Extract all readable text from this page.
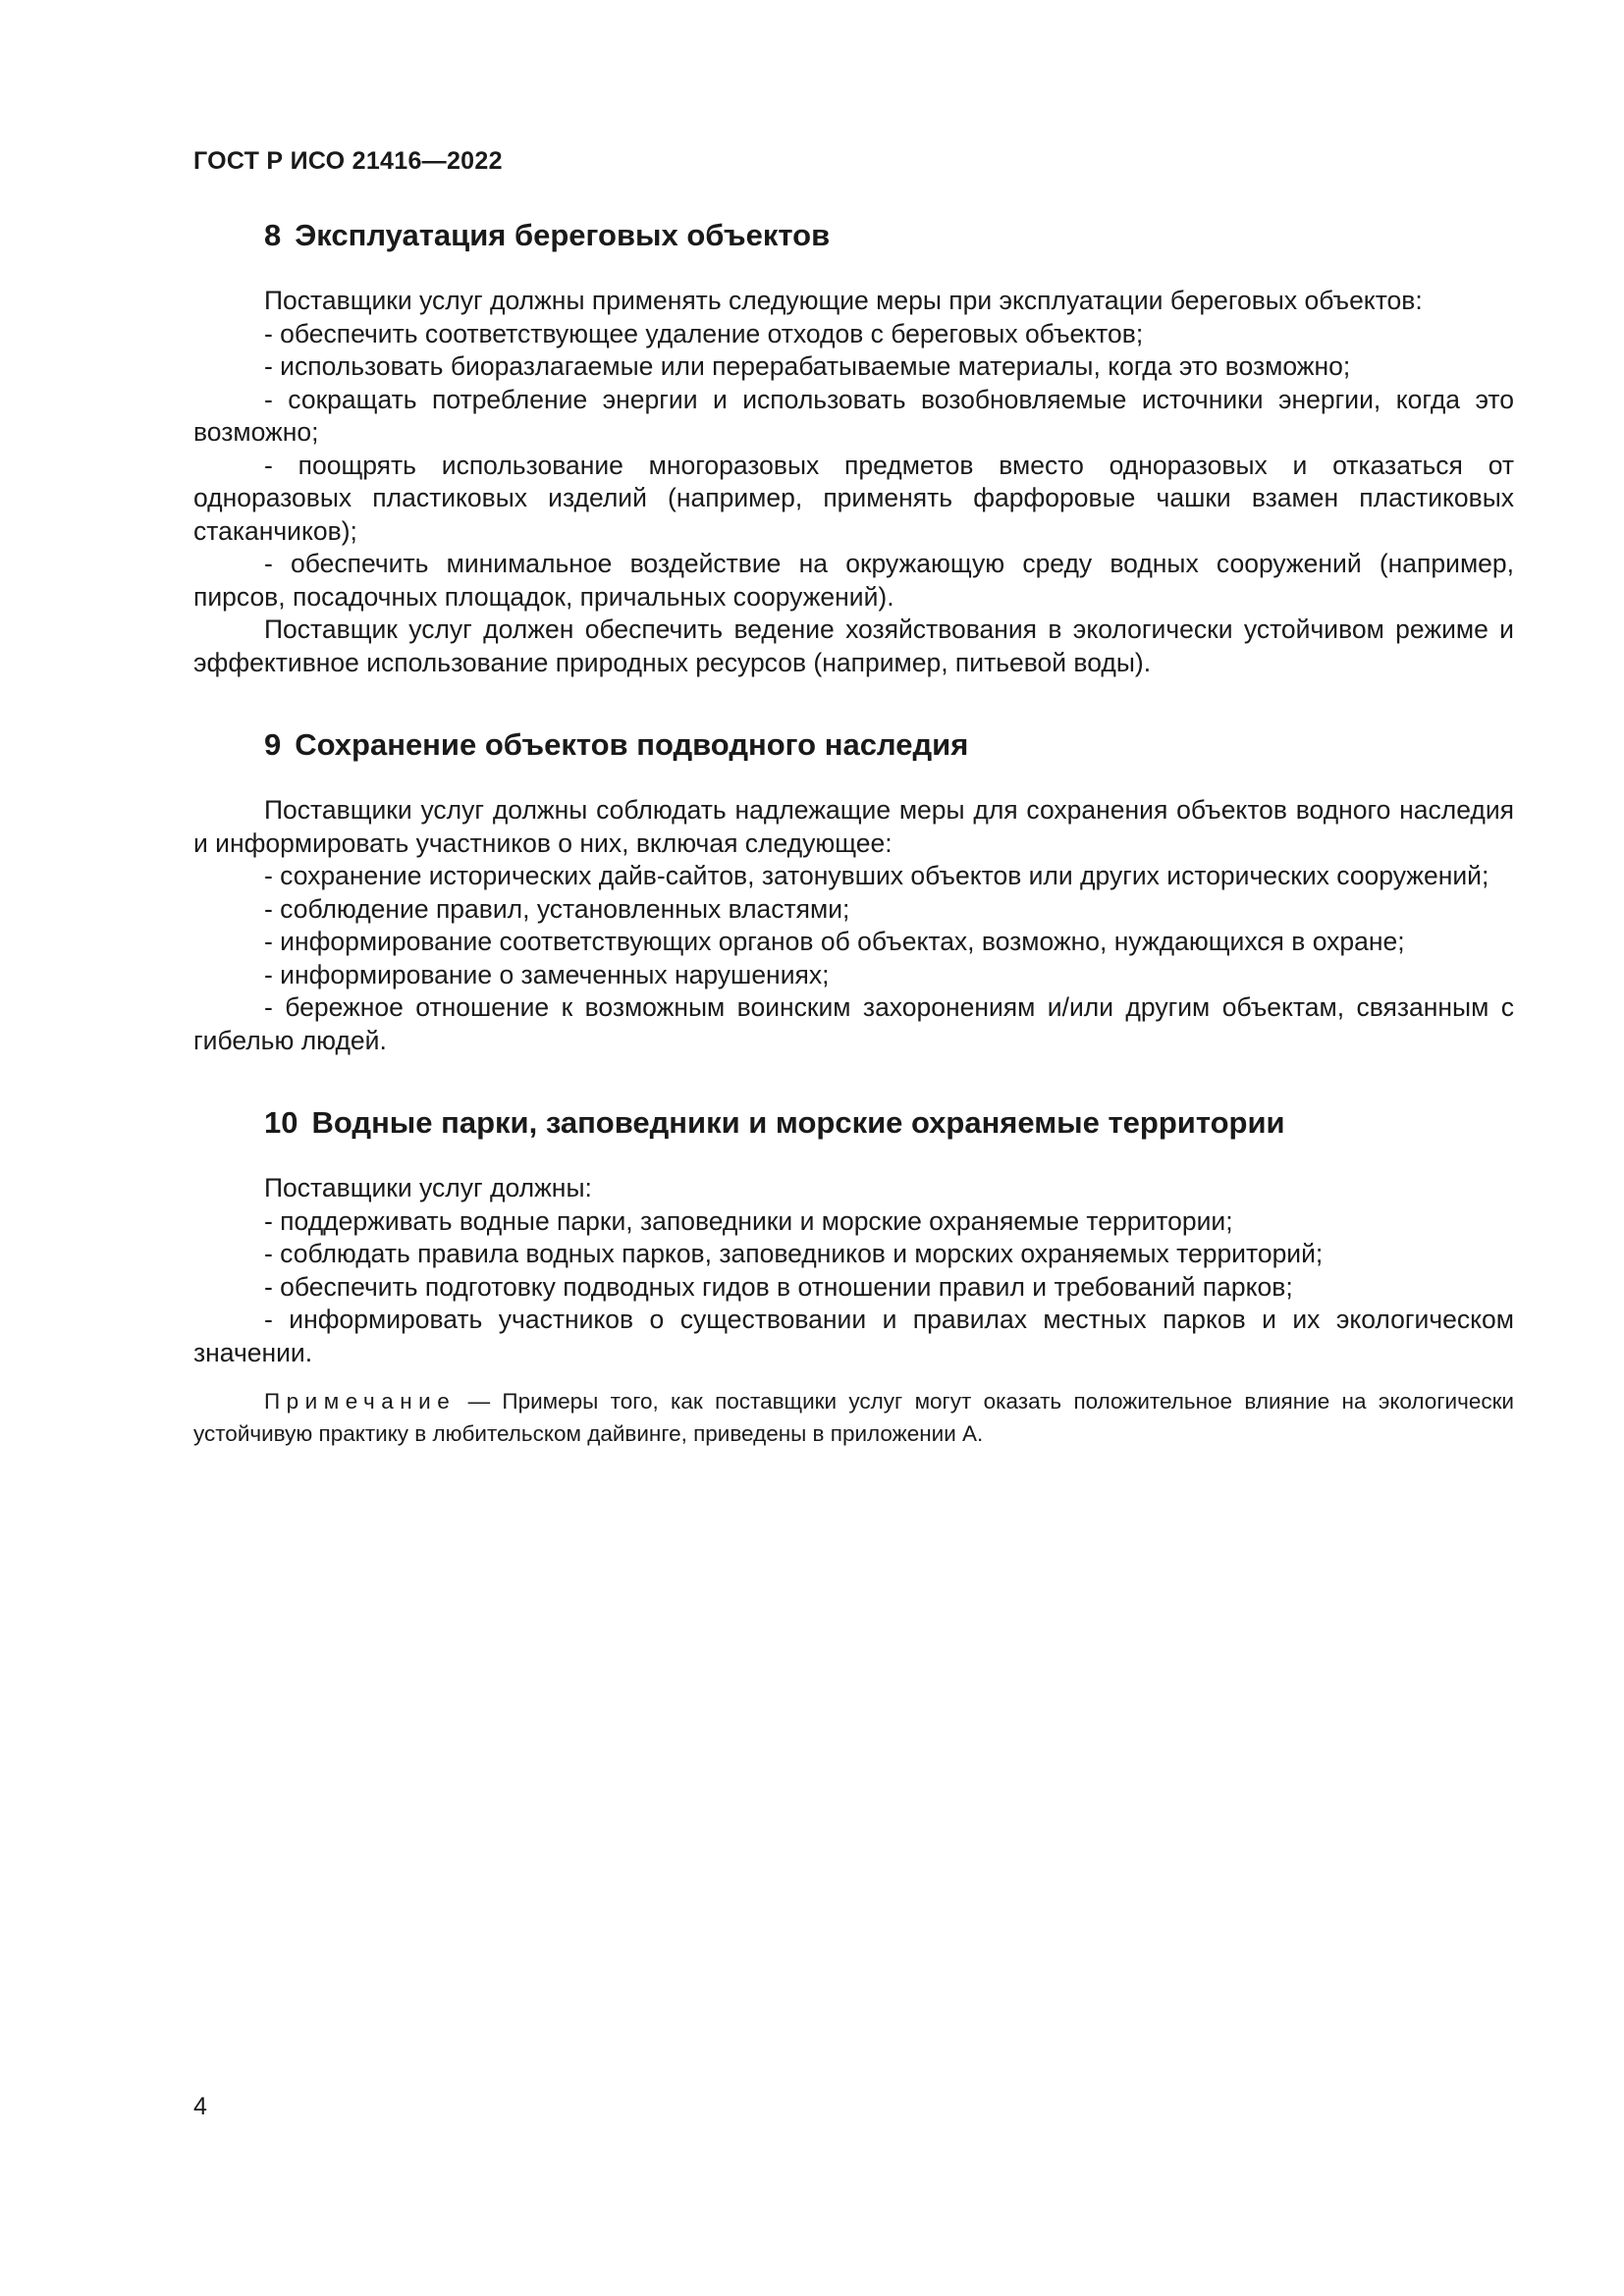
ГОСТ Р ИСО 21416—2022
8 Эксплуатация береговых объектов

Поставщики услуг должны применять следующие меры при эксплуатации береговых объектов:

- обеспечить соответствующее удаление отходов с береговых объектов;

- использовать биоразлагаемые или перерабатываемые материалы, когда это возможно;

- сокращать потребление энергии и использовать возобновляемые источники энергии, когда это возможно;

- поощрять использование многоразовых предметов вместо одноразовых и отказаться от одноразовых пластиковых изделий (например, применять фарфоровые чашки взамен пластиковых стаканчиков);

- обеспечить минимальное воздействие на окружающую среду водных сооружений (например, пирсов, посадочных площадок, причальных сооружений).

Поставщик услуг должен обеспечить ведение хозяйствования в экологически устойчивом режиме и эффективное использование природных ресурсов (например, питьевой воды).

9 Сохранение объектов подводного наследия

Поставщики услуг должны соблюдать надлежащие меры для сохранения объектов водного наследия и информировать участников о них, включая следующее:

- сохранение исторических дайв-сайтов, затонувших объектов или других исторических сооружений;

- соблюдение правил, установленных властями;

- информирование соответствующих органов об объектах, возможно, нуждающихся в охране;

- информирование о замеченных нарушениях;

- бережное отношение к возможным воинским захоронениям и/или другим объектам, связанным с гибелью людей.

10 Водные парки, заповедники и морские охраняемые территории

Поставщики услуг должны:

- поддерживать водные парки, заповедники и морские охраняемые территории;

- соблюдать правила водных парков, заповедников и морских охраняемых территорий;

- обеспечить подготовку подводных гидов в отношении правил и требований парков;

- информировать участников о существовании и правилах местных парков и их экологическом значении.

Примечание — Примеры того, как поставщики услуг могут оказать положительное влияние на экологически устойчивую практику в любительском дайвинге, приведены в приложении А.

4
